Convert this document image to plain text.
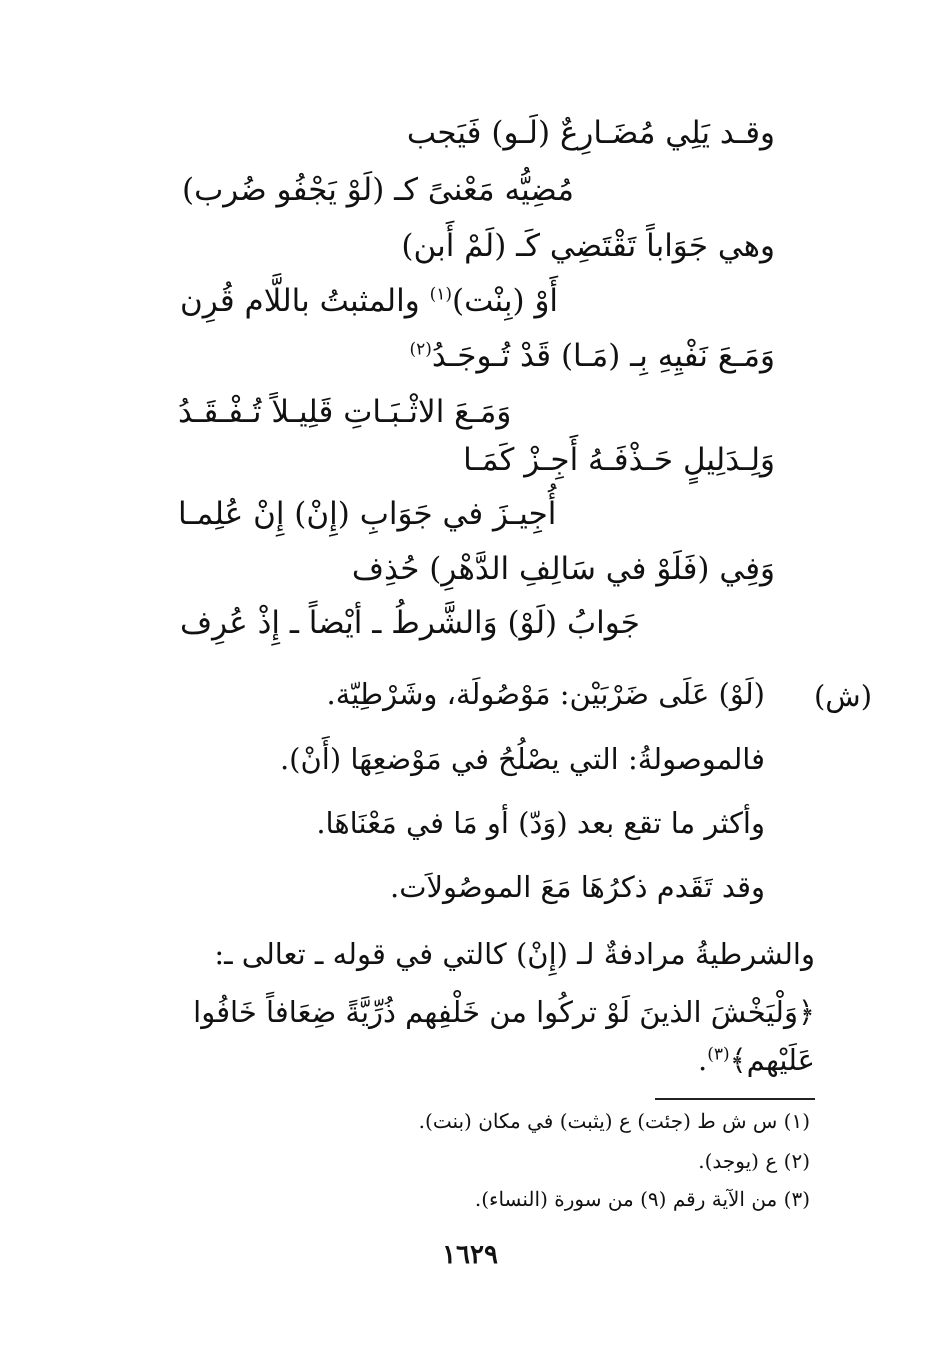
وقـد يَلِي مُضَـارِعٌ (لَـو) فَيَجب
مُضِيُّه مَعْنىً كـ (لَوْ يَجْفُو ضُرب)
وهي جَوَاباً تَقْتَضِي كَـ (لَمْ أَبن)
أَوْ (بِنْت)$^{(١)}$ والمثبتُ باللَّام قُرِن
وَمَـعَ نَفْيِهِ بِـ (مَـا) قَدْ تُـوجَـدُ$^{(٢)}$
وَمَـعَ الاثْـبَـاتِ قَلِيـلاً تُـفْـقَـدُ
وَلِـدَلِيلٍ حَـذْفَـهُ أَجِـزْ كَمَـا
أُجِيـزَ في جَوَابِ (إِنْ) إِنْ عُلِمـا
وَفِي (فَلَوْ في سَالِفِ الدَّهْرِ) حُذِف
جَوابُ (لَوْ) وَالشَّرطُ ـ أيْضاً ـ إِذْ عُرِف
(ش)
(لَوْ) عَلَى ضَرْبَيْن: مَوْصُولَة، وشَرْطِيّة.
فالموصولةُ: التي يصْلُحُ في مَوْضعِهَا (أَنْ).
وأكثر ما تقع بعد (وَدّ) أو مَا في مَعْنَاهَا.
وقد تَقَدم ذكرُهَا مَعَ الموصُولاَت.
والشرطيةُ مرادفةٌ لـ (إِنْ) كالتي في قوله ـ تعالى ـ:
﴿وَلْيَخْشَ الذينَ لَوْ تركُوا من خَلْفِهم ذُرِّيَّةً ضِعَافاً خَافُوا
عَلَيْهم﴾$^{(٣)}$.
(١) س ش ط (جئت) ع (يثبت) في مكان (بنت).
(٢) ع (يوجد).
(٣) من الآية رقم (٩) من سورة (النساء).
١٦٢٩
